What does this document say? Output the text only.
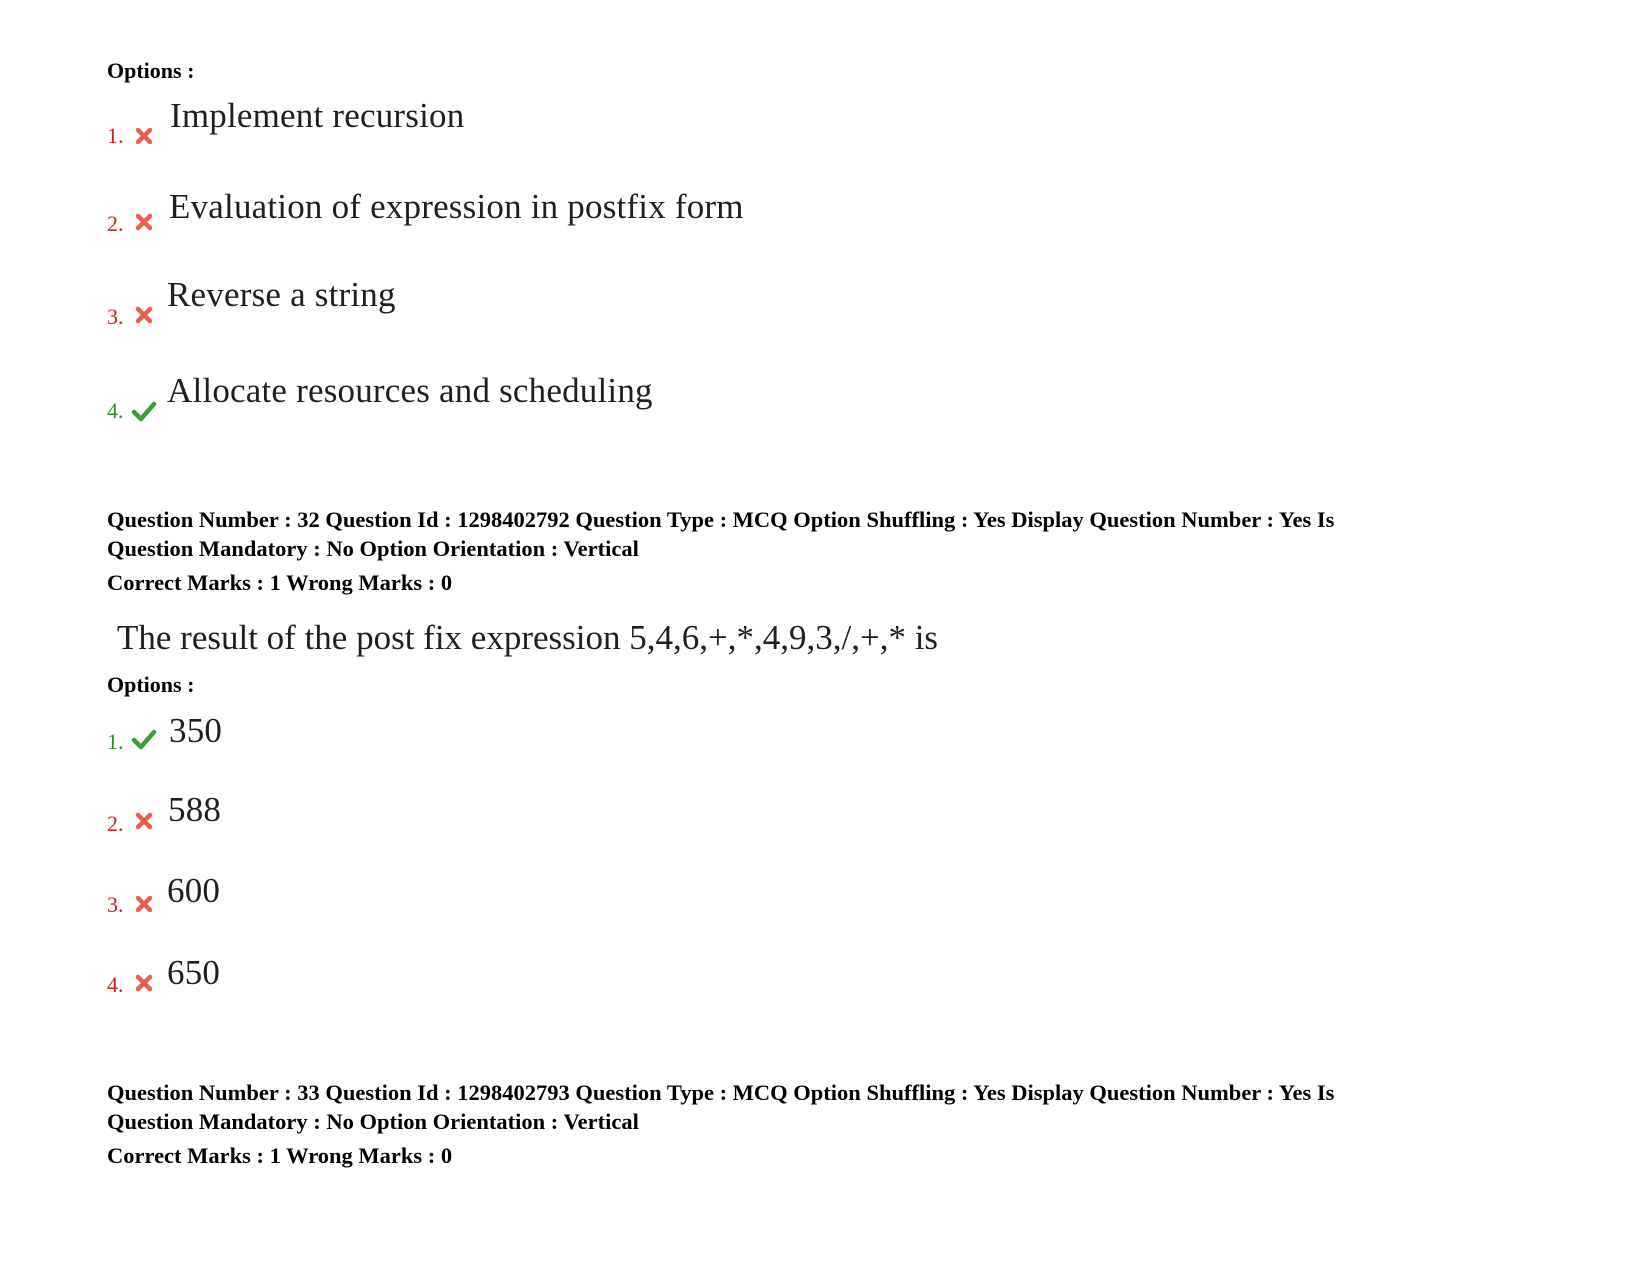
Options :
1.
Implement recursion
2. Evaluation of expression in postfix form
3.
Reverse a string
4.
Allocate resources and scheduling
Question Number : 32 Question Id : 1298402792 Question Type : MCQ Option Shuffling : Yes Display Question Number : Yes Is
Question Mandatory : No Option Orientation : Vertical
Correct Marks : 1 Wrong Marks : 0
The result of the post fix expression 5,4,6,+,*,4,9,3,/,+,* is
Options :
1. 350
2. 588
3. 600
4. 650
Question Number : 33 Question Id : 1298402793 Question Type : MCQ Option Shuffling : Yes Display Question Number : Yes Is
Question Mandatory : No Option Orientation : Vertical
Correct Marks : 1 Wrong Marks : 0
